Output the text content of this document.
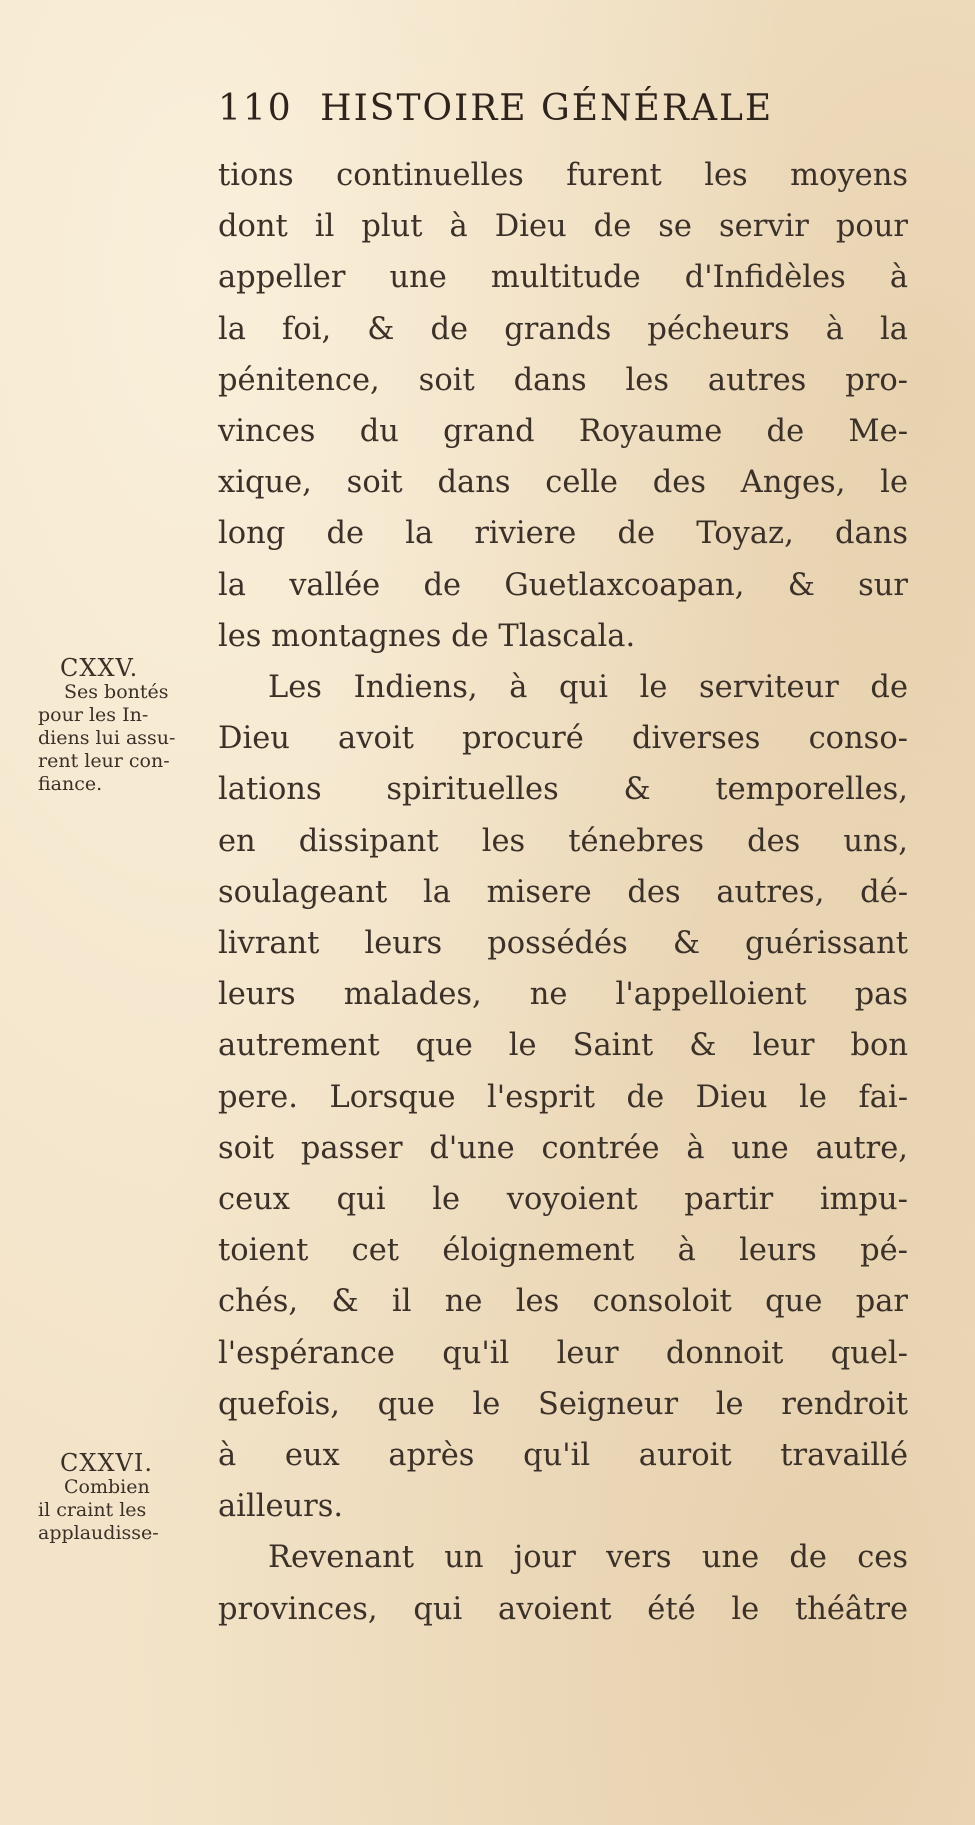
110 HISTOIRE GÉNÉRALE
tions continuelles furent les moyens
dont il plut à Dieu de se servir pour
appeller une multitude d'Infidèles à
la foi, & de grands pécheurs à la
pénitence, soit dans les autres pro-
vinces du grand Royaume de Me-
xique, soit dans celle des Anges, le
long de la riviere de Toyaz, dans
la vallée de Guetlaxcoapan, & sur
les montagnes de Tlascala.
Les Indiens, à qui le serviteur de
Dieu avoit procuré diverses conso-
lations spirituelles & temporelles,
en dissipant les ténebres des uns,
soulageant la misere des autres, dé-
livrant leurs possédés & guérissant
leurs malades, ne l'appelloient pas
autrement que le Saint & leur bon
pere. Lorsque l'esprit de Dieu le fai-
soit passer d'une contrée à une autre,
ceux qui le voyoient partir impu-
toient cet éloignement à leurs pé-
chés, & il ne les consoloit que par
l'espérance qu'il leur donnoit quel-
quefois, que le Seigneur le rendroit
à eux après qu'il auroit travaillé
ailleurs.
Revenant un jour vers une de ces
provinces, qui avoient été le théâtre
CXXV.
Ses bontés
pour les In-
diens lui assu-
rent leur con-
fiance.
CXXVI.
Combien
il craint les
applaudisse-
